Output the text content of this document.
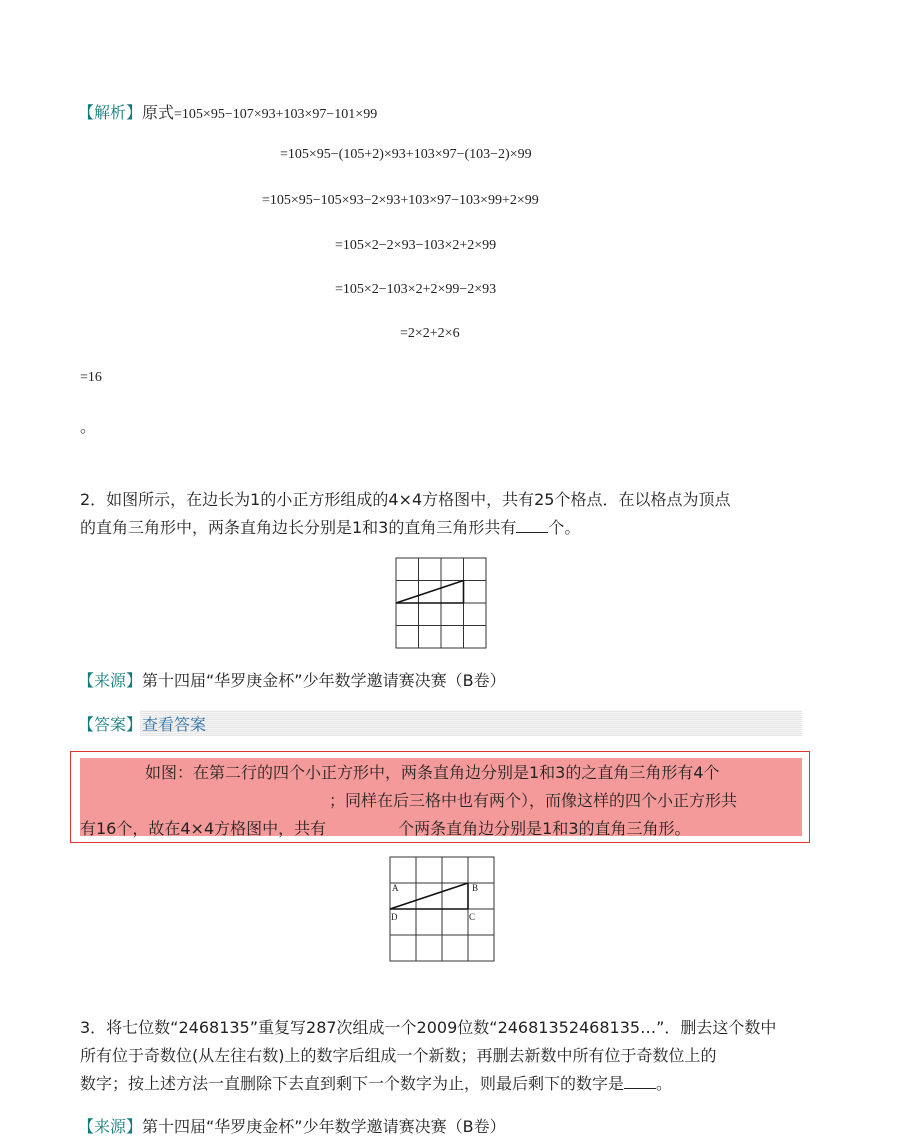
【解析】原式=105×95−107×93+103×97−101×99
=105×95−(105+2)×93+103×97−(103−2)×99
=105×95−105×93−2×93+103×97−103×99+2×99
=105×2−2×93−103×2+2×99
=105×2−103×2+2×99−2×93
=2×2+2×6
=16
。
2．如图所示，在边长为1的小正方形组成的4×4方格图中，共有25个格点．在以格点为顶点
的直角三角形中，两条直角边长分别是1和3的直角三角形共有 个。
【来源】第十四届“华罗庚金杯”少年数学邀请赛决赛（B卷）
【答案】查看答案
如图：在第二行的四个小正方形中，两条直角边分别是1和3的之直角三角形有4个
；同样在后三格中也有两个），而像这样的四个小正方形共
有16个，故在4×4方格图中，共有	个两条直角边分别是1和3的直角三角形。
A	B
C
D
3．将七位数“2468135”重复写287次组成一个2009位数“24681352468135…”．删去这个数中
所有位于奇数位(从左往右数)上的数字后组成一个新数；再删去新数中所有位于奇数位上的
数字；按上述方法一直删除下去直到剩下一个数字为止，则最后剩下的数字是 。
【来源】第十四届“华罗庚金杯”少年数学邀请赛决赛（B卷）
